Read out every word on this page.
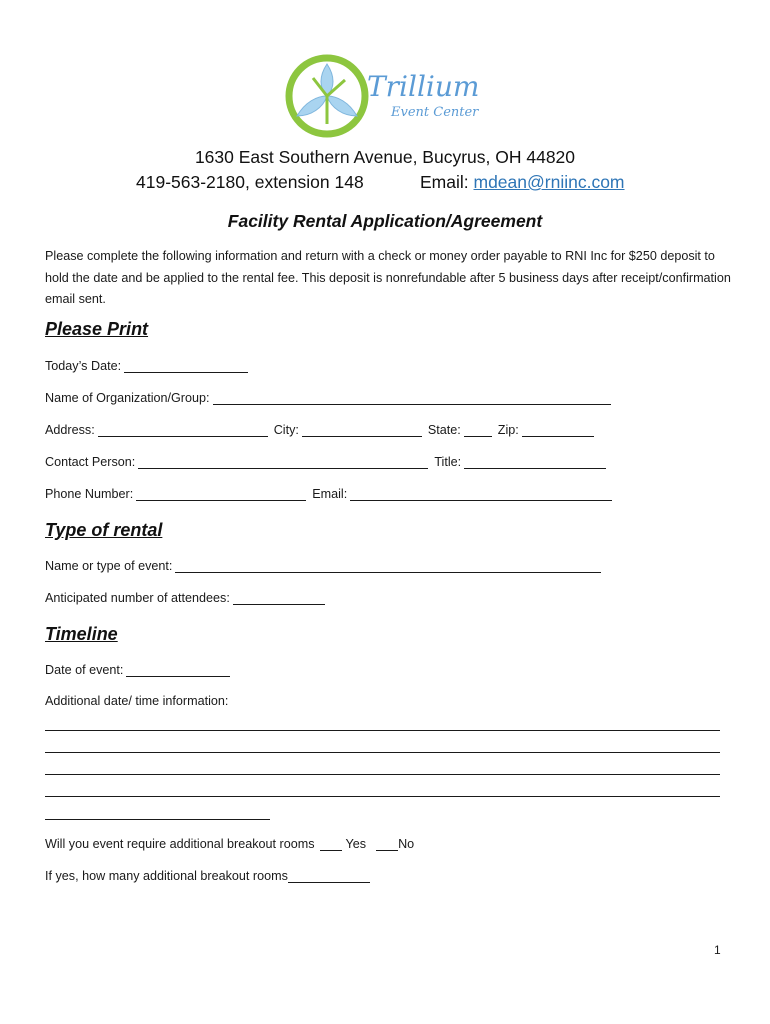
Trillium
Event Center
1630 East Southern Avenue, Bucyrus, OH 44820
419-563-2180, extension 148	Email: mdean@rniinc.com
Facility Rental Application/Agreement
Please complete the following information and return with a check or money order payable to RNI Inc for $250 deposit to hold the date and be applied to the rental fee. This deposit is nonrefundable after 5 business days after receipt/confirmation email sent.
Please Print
Today’s Date:
Name of Organization/Group:
Address:	City:	State:	Zip:
Contact Person:	Title:
Phone Number:	Email:
Type of rental
Name or type of event:
Anticipated number of attendees:
Timeline
Date of event:
Additional date/ time information:
Will you event require additional breakout rooms Yes	No
If yes, how many additional breakout rooms
1
